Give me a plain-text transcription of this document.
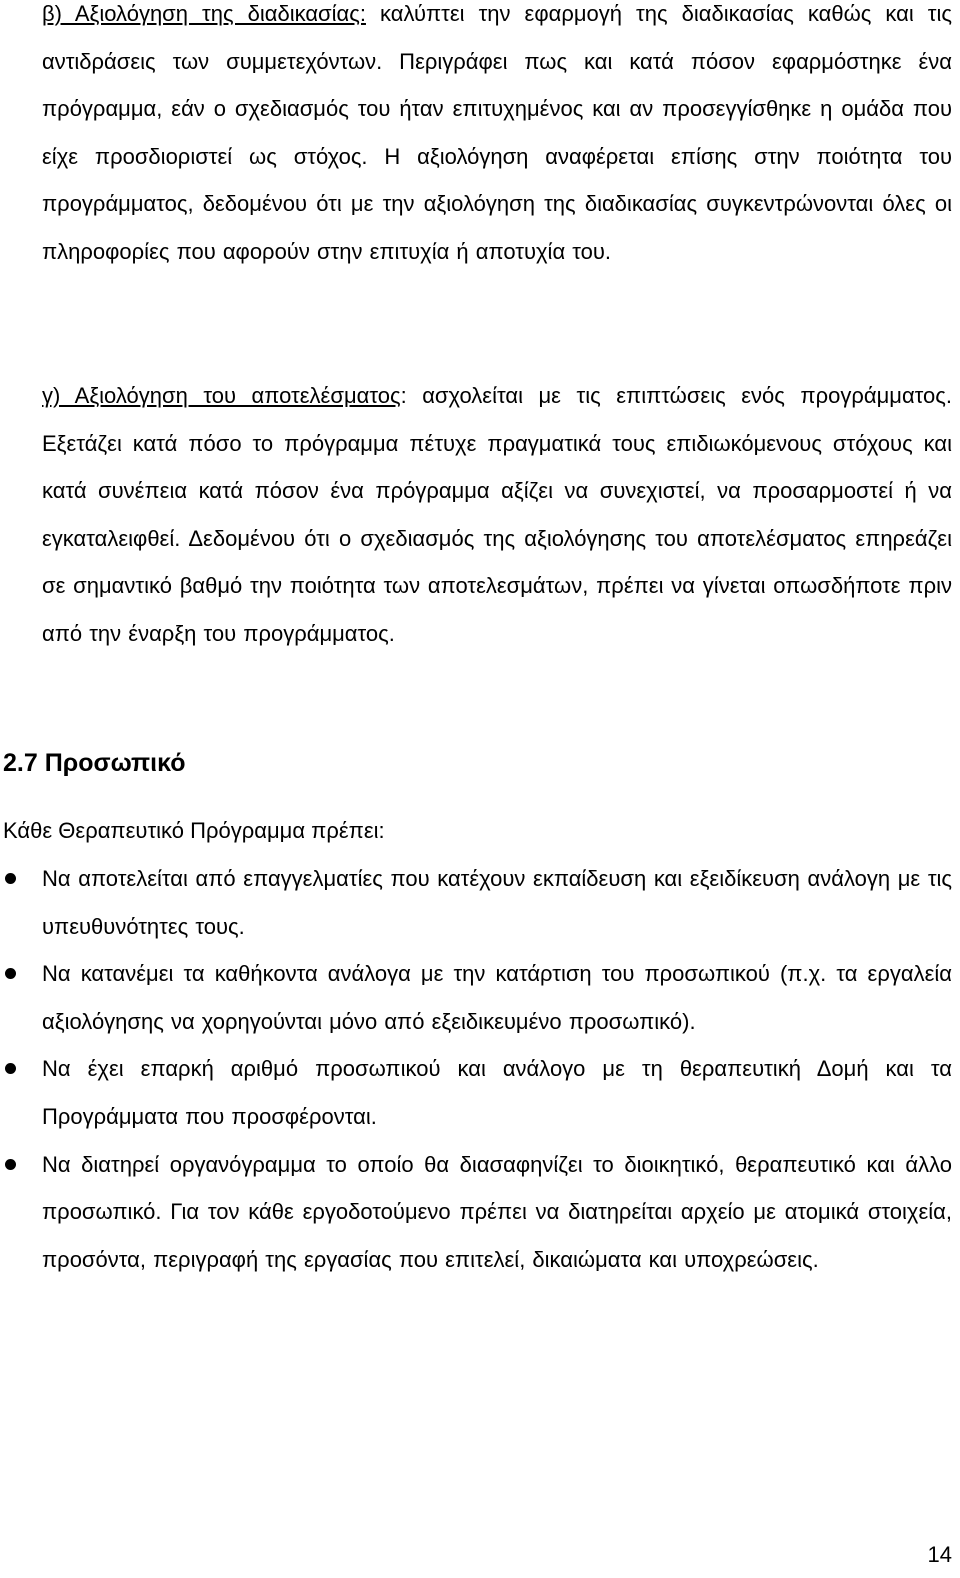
β) Αξιολόγηση της διαδικασίας: καλύπτει την εφαρμογή της διαδικασίας καθώς και τις αντιδράσεις των συμμετεχόντων. Περιγράφει πως και κατά πόσον εφαρμόστηκε ένα πρόγραμμα, εάν ο σχεδιασμός του ήταν επιτυχημένος και αν προσεγγίσθηκε η ομάδα που είχε προσδιοριστεί ως στόχος. Η αξιολόγηση αναφέρεται επίσης στην ποιότητα του προγράμματος, δεδομένου ότι με την αξιολόγηση της διαδικασίας συγκεντρώνονται όλες οι πληροφορίες που αφορούν στην επιτυχία ή αποτυχία του.

γ) Αξιολόγηση του αποτελέσματος: ασχολείται με τις επιπτώσεις ενός προγράμματος. Εξετάζει κατά πόσο το πρόγραμμα πέτυχε πραγματικά τους επιδιωκόμενους στόχους και κατά συνέπεια κατά πόσον ένα πρόγραμμα αξίζει να συνεχιστεί, να προσαρμοστεί ή να εγκαταλειφθεί. Δεδομένου ότι ο σχεδιασμός της αξιολόγησης του αποτελέσματος επηρεάζει σε σημαντικό βαθμό την ποιότητα των αποτελεσμάτων, πρέπει να γίνεται οπωσδήποτε πριν από την έναρξη του προγράμματος.

2.7 Προσωπικό

Κάθε Θεραπευτικό Πρόγραμμα πρέπει:

Να αποτελείται από επαγγελματίες που κατέχουν εκπαίδευση και εξειδίκευση ανάλογη με τις υπευθυνότητες τους.
Να κατανέμει τα καθήκοντα ανάλογα με την κατάρτιση του προσωπικού (π.χ. τα εργαλεία αξιολόγησης να χορηγούνται μόνο από εξειδικευμένο προσωπικό).
Να έχει επαρκή αριθμό προσωπικού και ανάλογο με τη θεραπευτική Δομή και τα Προγράμματα που προσφέρονται.
Να διατηρεί οργανόγραμμα το οποίο θα διασαφηνίζει το διοικητικό, θεραπευτικό και άλλο προσωπικό. Για τον κάθε εργοδοτούμενο πρέπει να διατηρείται αρχείο με ατομικά στοιχεία, προσόντα, περιγραφή της εργασίας που επιτελεί, δικαιώματα και υποχρεώσεις.
14
